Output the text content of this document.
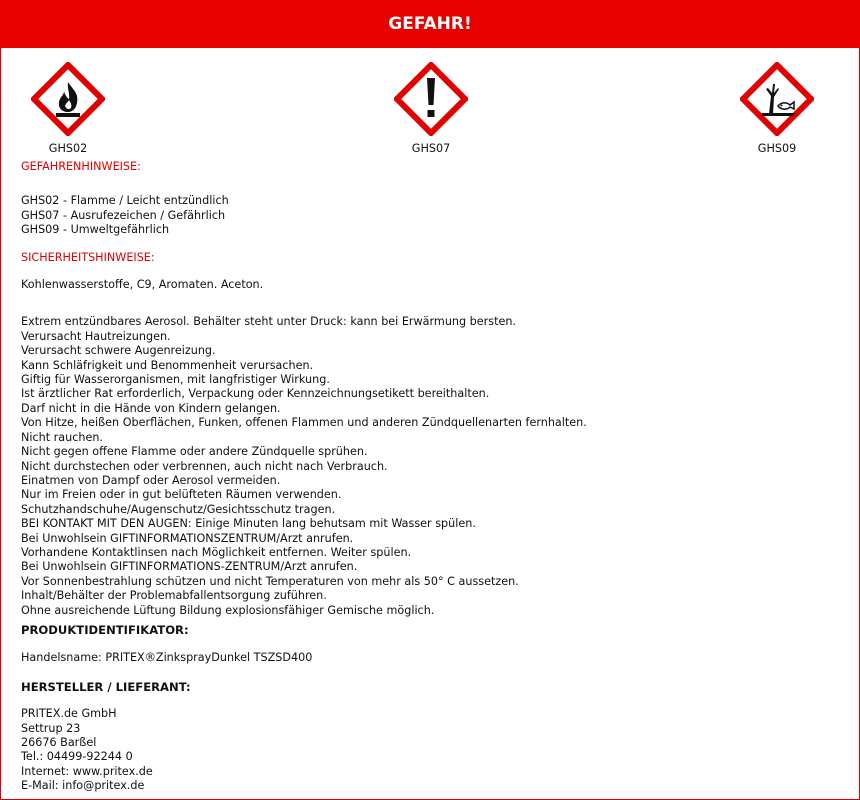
GEFAHR!
GHS02	GHS07	GHS09

GEFAHRENHINWEISE:

GHS02 - Flamme / Leicht entzündlich

GHS07 - Ausrufezeichen / Gefährlich

GHS09 - Umweltgefährlich

SICHERHEITSHINWEISE:

Kohlenwasserstoffe, C9, Aromaten. Aceton.

Extrem entzündbares Aerosol. Behälter steht unter Druck: kann bei Erwärmung bersten.

Verursacht Hautreizungen.

Verursacht schwere Augenreizung.

Kann Schläfrigkeit und Benommenheit verursachen.

Giftig für Wasserorganismen, mit langfristiger Wirkung.

Ist ärztlicher Rat erforderlich, Verpackung oder Kennzeichnungsetikett bereithalten.

Darf nicht in die Hände von Kindern gelangen.

Von Hitze, heißen Oberflächen, Funken, offenen Flammen und anderen Zündquellenarten fernhalten.

Nicht rauchen.

Nicht gegen offene Flamme oder andere Zündquelle sprühen.

Nicht durchstechen oder verbrennen, auch nicht nach Verbrauch.

Einatmen von Dampf oder Aerosol vermeiden.

Nur im Freien oder in gut belüfteten Räumen verwenden.

Schutzhandschuhe/Augenschutz/Gesichtsschutz tragen.

BEI KONTAKT MIT DEN AUGEN: Einige Minuten lang behutsam mit Wasser spülen.

Bei Unwohlsein GIFTINFORMATIONSZENTRUM/Arzt anrufen.

Vorhandene Kontaktlinsen nach Möglichkeit entfernen. Weiter spülen.

Bei Unwohlsein GIFTINFORMATIONS-ZENTRUM/Arzt anrufen.

Vor Sonnenbestrahlung schützen und nicht Temperaturen von mehr als 50° C aussetzen.

Inhalt/Behälter der Problemabfallentsorgung zuführen.

Ohne ausreichende Lüftung Bildung explosionsfähiger Gemische möglich.

PRODUKTIDENTIFIKATOR:

Handelsname: PRITEX®ZinksprayDunkel TSZSD400

HERSTELLER / LIEFERANT:

PRITEX.de GmbH

Settrup 23

26676 Barßel

Tel.: 04499-92244 0

Internet: www.pritex.de

E-Mail: info@pritex.de
